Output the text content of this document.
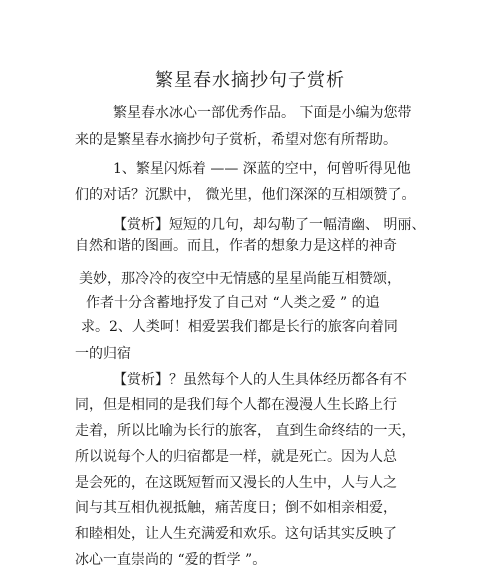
繁星春水摘抄句子赏析
繁星春水冰心一部优秀作品。 下面是小编为您带
来的是繁星春水摘抄句子赏析，希望对您有所帮助。
1、繁星闪烁着 —— 深蓝的空中，何曾听得见他
们的对话？沉默中， 微光里，他们深深的互相颂赞了。
【赏析】短短的几句，却勾勒了一幅清幽、 明丽、
自然和谐的图画。而且，作者的想象力是这样的神奇
美妙，那冷冷的夜空中无情感的星星尚能互相赞颂，
作者十分含蓄地抒发了自己对 “人类之爱 ” 的追
求。2、人类呵！相爱罢我们都是长行的旅客向着同
一的归宿
【赏析】？虽然每个人的人生具体经历都各有不
同，但是相同的是我们每个人都在漫漫人生长路上行
走着，所以比喻为长行的旅客， 直到生命终结的一天，
所以说每个人的归宿都是一样，就是死亡。因为人总
是会死的，在这既短暂而又漫长的人生中，人与人之
间与其互相仇视抵触，痛苦度日；倒不如相亲相爱，
和睦相处，让人生充满爱和欢乐。这句话其实反映了
冰心一直崇尚的 “爱的哲学 ”。
